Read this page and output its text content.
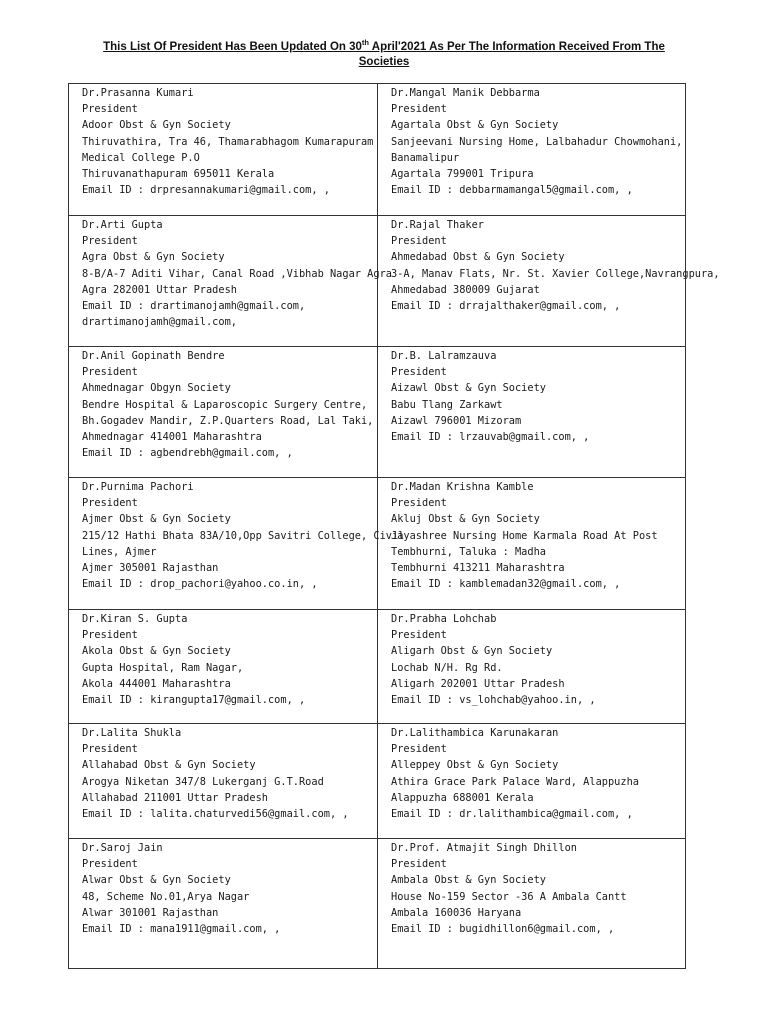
This List Of President Has Been Updated On 30th April'2021 As Per The Information Received From The Societies
Dr.Prasanna Kumari
President
Adoor Obst & Gyn Society
Thiruvathira, Tra 46, Thamarabhagom Kumarapuram
Medical College P.O
Thiruvanathapuram 695011 Kerala
Email ID : drpresannakumari@gmail.com, ,
Dr.Mangal Manik Debbarma
President
Agartala Obst & Gyn Society
Sanjeevani Nursing Home, Lalbahadur Chowmohani,
Banamalipur
Agartala 799001 Tripura
Email ID : debbarmamangal5@gmail.com, ,
Dr.Arti Gupta
President
Agra Obst & Gyn Society
8-B/A-7 Aditi Vihar, Canal Road ,Vibhab Nagar Agra
Agra 282001 Uttar Pradesh
Email ID : drartimanojamh@gmail.com,
drartimanojamh@gmail.com,
Dr.Rajal Thaker
President
Ahmedabad Obst & Gyn Society
3-A, Manav Flats, Nr. St. Xavier College,Navrangpura,
Ahmedabad 380009 Gujarat
Email ID : drrajalthaker@gmail.com, ,
Dr.Anil Gopinath Bendre
President
Ahmednagar Obgyn Society
Bendre Hospital & Laparoscopic Surgery Centre,
Bh.Gogadev Mandir, Z.P.Quarters Road, Lal Taki,
Ahmednagar 414001 Maharashtra
Email ID : agbendrebh@gmail.com, ,
Dr.B. Lalramzauva
President
Aizawl Obst & Gyn Society
Babu Tlang Zarkawt
Aizawl 796001 Mizoram
Email ID : lrzauvab@gmail.com, ,
Dr.Purnima Pachori
President
Ajmer Obst & Gyn Society
215/12 Hathi Bhata 83A/10,Opp Savitri College, Civil
Lines, Ajmer
Ajmer 305001 Rajasthan
Email ID : drop_pachori@yahoo.co.in, ,
Dr.Madan Krishna Kamble
President
Akluj Obst & Gyn Society
Jayashree Nursing Home Karmala Road At Post
Tembhurni, Taluka : Madha
Tembhurni 413211 Maharashtra
Email ID : kamblemadan32@gmail.com, ,
Dr.Kiran S. Gupta
President
Akola Obst & Gyn Society
Gupta Hospital, Ram Nagar,
Akola 444001 Maharashtra
Email ID : kirangupta17@gmail.com, ,
Dr.Prabha Lohchab
President
Aligarh Obst & Gyn Society
Lochab N/H. Rg Rd.
Aligarh 202001 Uttar Pradesh
Email ID : vs_lohchab@yahoo.in, ,
Dr.Lalita Shukla
President
Allahabad Obst & Gyn Society
Arogya Niketan 347/8 Lukerganj G.T.Road
Allahabad 211001 Uttar Pradesh
Email ID : lalita.chaturvedi56@gmail.com, ,
Dr.Lalithambica Karunakaran
President
Alleppey Obst & Gyn Society
Athira Grace Park Palace Ward, Alappuzha
Alappuzha 688001 Kerala
Email ID : dr.lalithambica@gmail.com, ,
Dr.Saroj Jain
President
Alwar Obst & Gyn Society
48, Scheme No.01,Arya Nagar
Alwar 301001 Rajasthan
Email ID : mana1911@gmail.com, ,
Dr.Prof. Atmajit Singh Dhillon
President
Ambala Obst & Gyn Society
House No-159 Sector -36 A Ambala Cantt
Ambala 160036 Haryana
Email ID : bugidhillon6@gmail.com, ,
